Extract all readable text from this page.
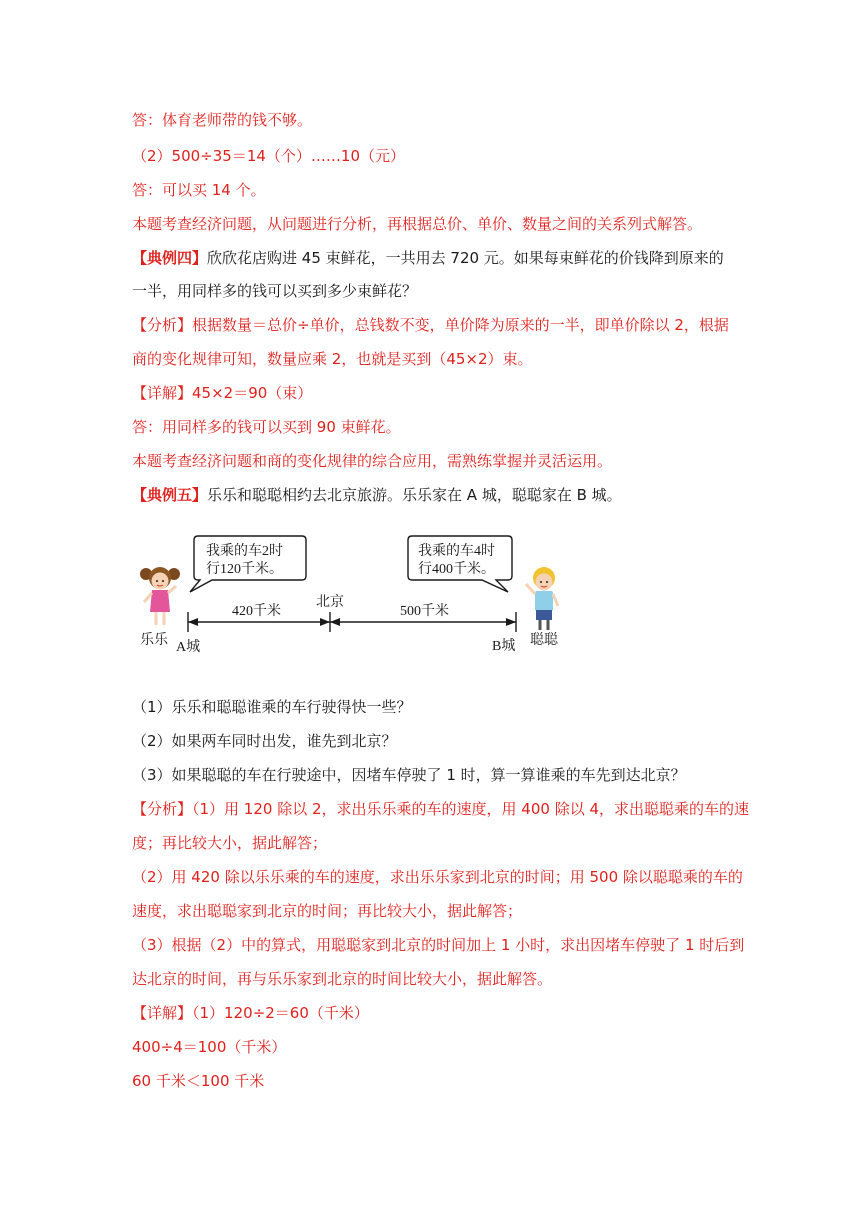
答：体育老师带的钱不够。
（2）500÷35＝14（个）……10（元）
答：可以买 14 个。
本题考查经济问题，从问题进行分析，再根据总价、单价、数量之间的关系列式解答。
【典例四】欣欣花店购进 45 束鲜花，一共用去 720 元。如果每束鲜花的价钱降到原来的
一半，用同样多的钱可以买到多少束鲜花？
【分析】根据数量＝总价÷单价，总钱数不变，单价降为原来的一半，即单价除以 2，根据
商的变化规律可知，数量应乘 2，也就是买到（45×2）束。
【详解】45×2＝90（束）
答：用同样多的钱可以买到 90 束鲜花。
本题考查经济问题和商的变化规律的综合应用，需熟练掌握并灵活运用。
【典例五】乐乐和聪聪相约去北京旅游。乐乐家在 A 城，聪聪家在 B 城。
我乘的车2时
行120千米。
我乘的车4时
行400千米。
420千米	500千米
北京
乐乐 A城	B城 聪聪
（1）乐乐和聪聪谁乘的车行驶得快一些？
（2）如果两车同时出发，谁先到北京？
（3）如果聪聪的车在行驶途中，因堵车停驶了 1 时，算一算谁乘的车先到达北京？
【分析】（1）用 120 除以 2，求出乐乐乘的车的速度，用 400 除以 4，求出聪聪乘的车的速
度；再比较大小，据此解答；
（2）用 420 除以乐乐乘的车的速度，求出乐乐家到北京的时间；用 500 除以聪聪乘的车的
速度，求出聪聪家到北京的时间；再比较大小，据此解答；
（3）根据（2）中的算式，用聪聪家到北京的时间加上 1 小时，求出因堵车停驶了 1 时后到
达北京的时间，再与乐乐家到北京的时间比较大小，据此解答。
【详解】（1）120÷2＝60（千米）
400÷4＝100（千米）
60 千米＜100 千米
